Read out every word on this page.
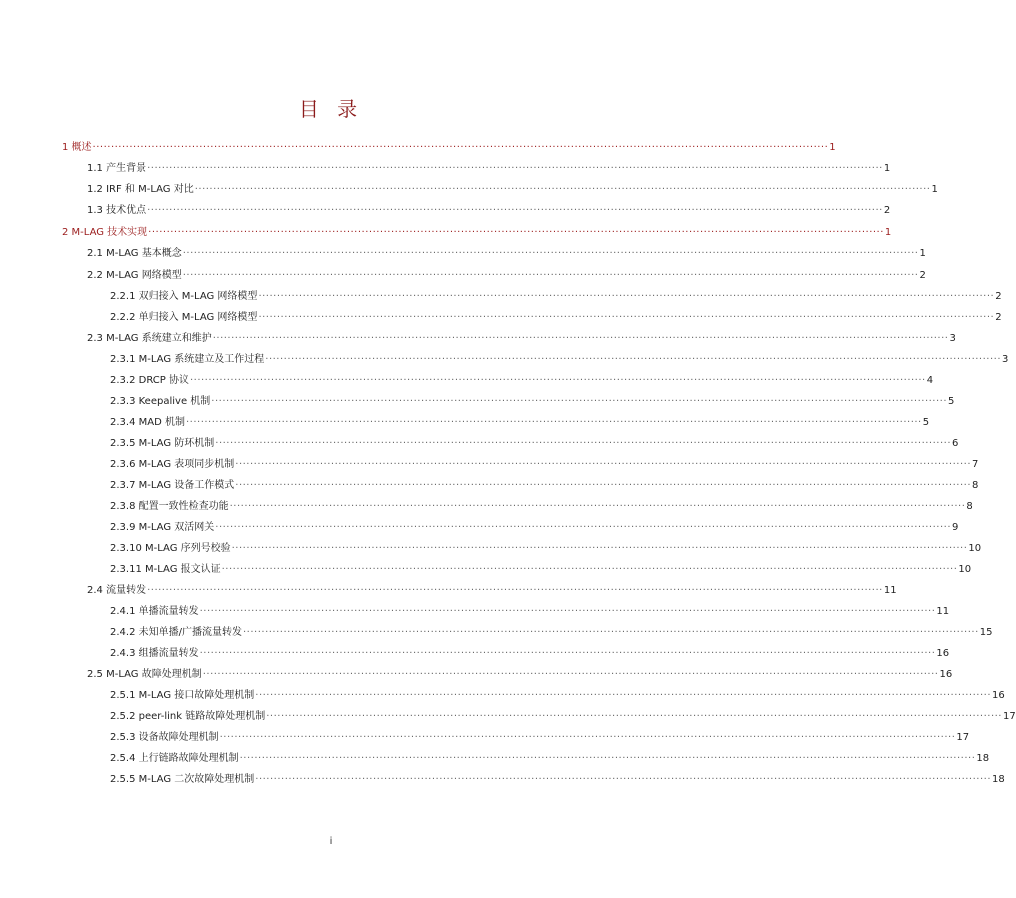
目 录
1 概述 ········································································································································································································ 1
1.1 产生背景 ········································································································································································································ 1
1.2 IRF 和 M-LAG 对比 ········································································································································································································ 1
1.3 技术优点 ········································································································································································································ 2
2 M-LAG 技术实现 ········································································································································································································ 1
2.1 M-LAG 基本概念 ········································································································································································································ 1
2.2 M-LAG 网络模型 ········································································································································································································ 2
2.2.1 双归接入 M-LAG 网络模型 ········································································································································································································ 2
2.2.2 单归接入 M-LAG 网络模型 ········································································································································································································ 2
2.3 M-LAG 系统建立和维护 ········································································································································································································ 3
2.3.1 M-LAG 系统建立及工作过程 ········································································································································································································ 3
2.3.2 DRCP 协议 ········································································································································································································ 4
2.3.3 Keepalive 机制 ········································································································································································································ 5
2.3.4 MAD 机制 ········································································································································································································ 5
2.3.5 M-LAG 防环机制 ········································································································································································································ 6
2.3.6 M-LAG 表项同步机制 ········································································································································································································ 7
2.3.7 M-LAG 设备工作模式 ········································································································································································································ 8
2.3.8 配置一致性检查功能 ········································································································································································································ 8
2.3.9 M-LAG 双活网关 ········································································································································································································ 9
2.3.10 M-LAG 序列号校验 ········································································································································································································ 10
2.3.11 M-LAG 报文认证 ········································································································································································································ 10
2.4 流量转发 ········································································································································································································ 11
2.4.1 单播流量转发 ········································································································································································································ 11
2.4.2 未知单播/广播流量转发 ········································································································································································································ 15
2.4.3 组播流量转发 ········································································································································································································ 16
2.5 M-LAG 故障处理机制 ········································································································································································································ 16
2.5.1 M-LAG 接口故障处理机制 ········································································································································································································ 16
2.5.2 peer-link 链路故障处理机制 ········································································································································································································ 17
2.5.3 设备故障处理机制 ········································································································································································································ 17
2.5.4 上行链路故障处理机制 ········································································································································································································ 18
2.5.5 M-LAG 二次故障处理机制 ········································································································································································································ 18
i
